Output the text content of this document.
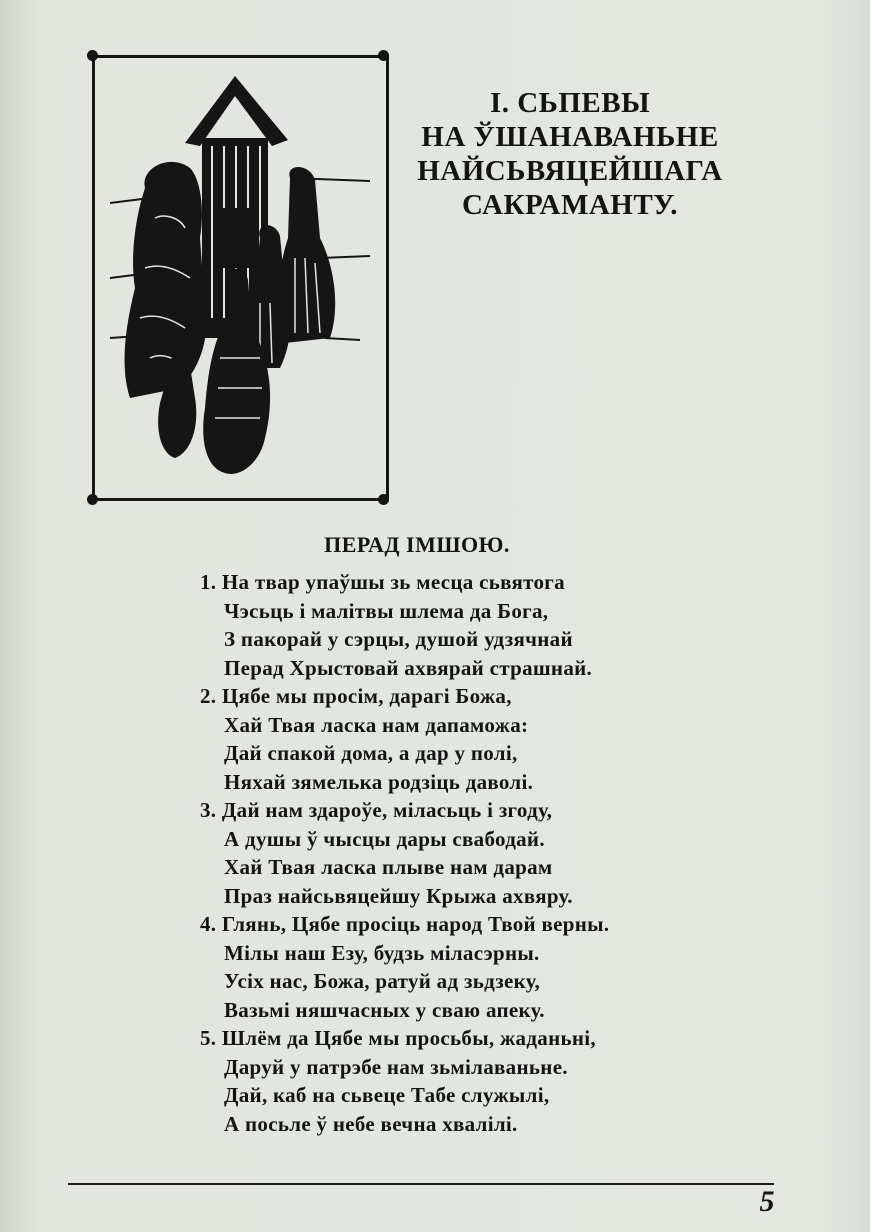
I. СЬПЕВЫ
НА ЎШАНАВАНЬНЕ
НАЙСЬВЯЦЕЙШАГА
САКРАМАНТУ.
ПЕРАД ІМШОЮ.
1. На твар упаўшы зь месца сьвятога
Чэсьць і малітвы шлема да Бога,
З пакорай у сэрцы, душой удзячнай
Перад Хрыстовай ахвярай страшнай.
2. Цябе мы просім, дарагі Божа,
Хай Твая ласка нам дапаможа:
Дай спакой дома, а дар у полі,
Няхай зямелька родзіць даволі.
3. Дай нам здароўе, міласьць і згоду,
А душы ў чысцы дары свабодай.
Хай Твая ласка плыве нам дарам
Праз найсьвяцейшу Крыжа ахвяру.
4. Глянь, Цябе просіць народ Твой верны.
Мілы наш Езу, будзь міласэрны.
Усіх нас, Божа, ратуй ад зьдзеку,
Вазьмі няшчасных у сваю апеку.
5. Шлём да Цябе мы просьбы, жаданьні,
Даруй у патрэбе нам зьмілаваньне.
Дай, каб на сьвеце Табе служылі,
А посьле ў небе вечна хвалілі.
5
